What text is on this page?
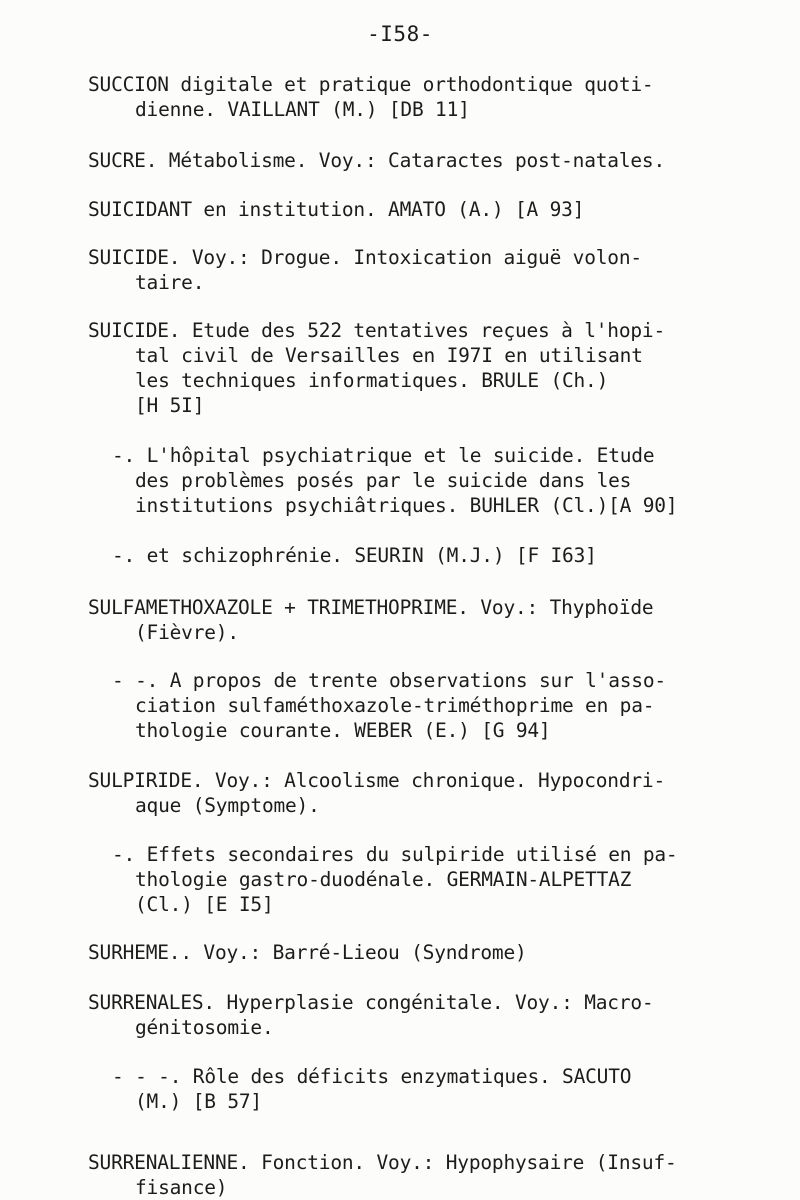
-I58-
SUCCION digitale et pratique orthodontique quoti-
dienne. VAILLANT (M.) [DB 11]
SUCRE. Métabolisme. Voy.: Cataractes post-natales.
SUICIDANT en institution. AMATO (A.) [A 93]
SUICIDE. Voy.: Drogue. Intoxication aiguë volon-
taire.
SUICIDE. Etude des 522 tentatives reçues à l'hopi-
tal civil de Versailles en I97I en utilisant
les techniques informatiques. BRULE (Ch.)
[H 5I]
-. L'hôpital psychiatrique et le suicide. Etude
des problèmes posés par le suicide dans les
institutions psychiâtriques. BUHLER (Cl.)[A 90]
-. et schizophrénie. SEURIN (M.J.) [F I63]
SULFAMETHOXAZOLE + TRIMETHOPRIME. Voy.: Thyphoïde
(Fièvre).
- -. A propos de trente observations sur l'asso-
ciation sulfaméthoxazole-triméthoprime en pa-
thologie courante. WEBER (E.) [G 94]
SULPIRIDE. Voy.: Alcoolisme chronique. Hypocondri-
aque (Symptome).
-. Effets secondaires du sulpiride utilisé en pa-
thologie gastro-duodénale. GERMAIN-ALPETTAZ
(Cl.) [E I5]
SURHEME.. Voy.: Barré-Lieou (Syndrome)
SURRENALES. Hyperplasie congénitale. Voy.: Macro-
génitosomie.
- - -. Rôle des déficits enzymatiques. SACUTO
(M.) [B 57]
SURRENALIENNE. Fonction. Voy.: Hypophysaire (Insuf-
fisance)
